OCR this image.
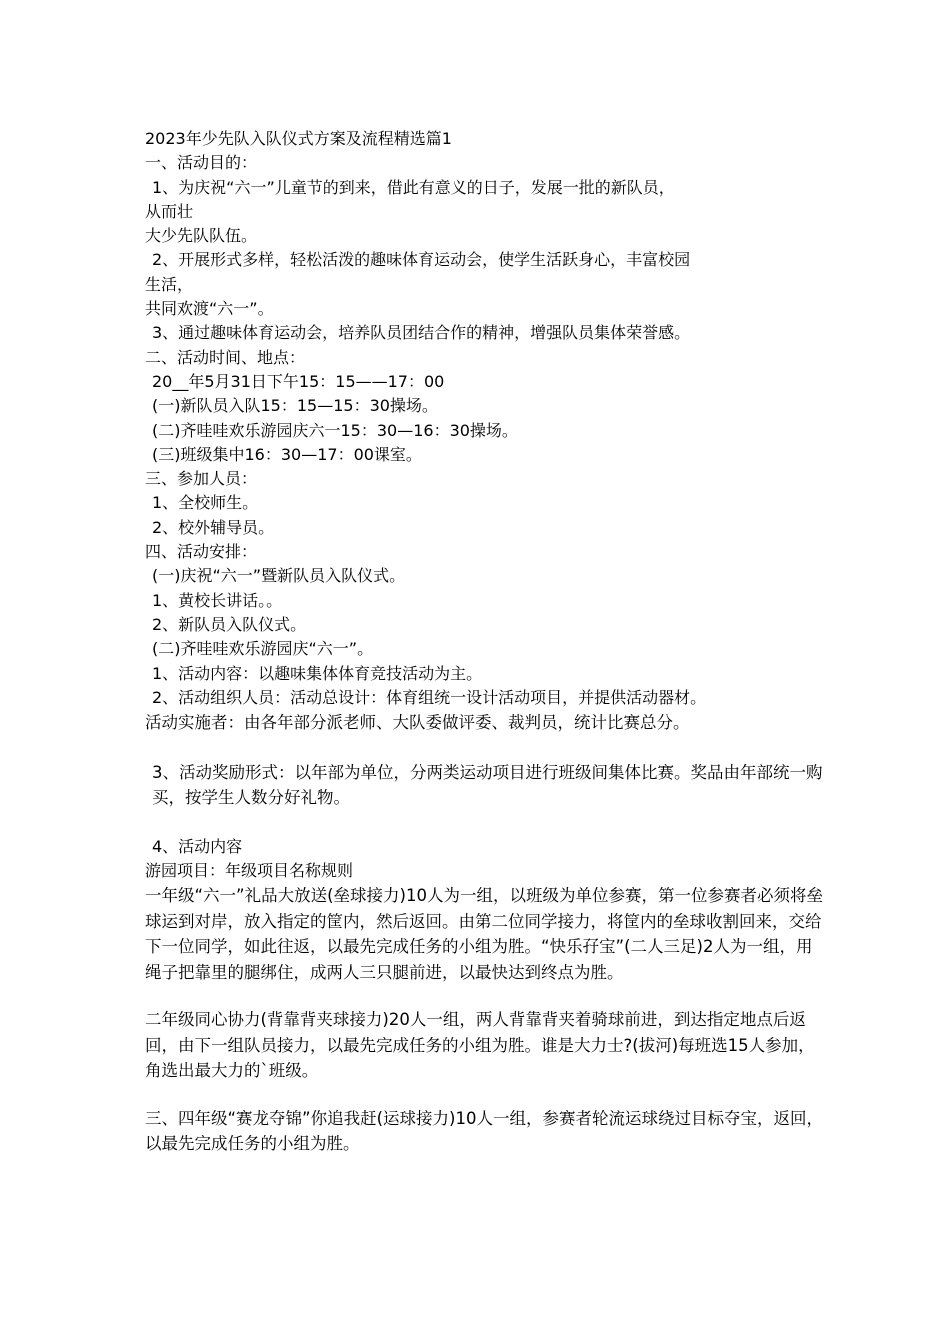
2023年少先队入队仪式方案及流程精选篇1

一、活动目的：

1、为庆祝“六一”儿童节的到来，借此有意义的日子，发展一批的新队员，

从而壮

大少先队队伍。

2、开展形式多样，轻松活泼的趣味体育运动会，使学生活跃身心，丰富校园

生活，

共同欢渡“六一”。

3、通过趣味体育运动会，培养队员团结合作的精神，增强队员集体荣誉感。

二、活动时间、地点：

20__年5月31日下午15：15——17：00

(一)新队员入队15：15—15：30操场。

(二)齐哇哇欢乐游园庆六一15：30—16：30操场。

(三)班级集中16：30—17：00课室。

三、参加人员：

1、全校师生。

2、校外辅导员。

四、活动安排：

(一)庆祝“六一”暨新队员入队仪式。

1、黄校长讲话。。

2、新队员入队仪式。

(二)齐哇哇欢乐游园庆“六一”。

1、活动内容：以趣味集体体育竞技活动为主。

2、活动组织人员：活动总设计：体育组统一设计活动项目，并提供活动器材。

活动实施者：由各年部分派老师、大队委做评委、裁判员，统计比赛总分。

3、活动奖励形式：以年部为单位，分两类运动项目进行班级间集体比赛。奖品由年部统一购买，按学生人数分好礼物。

4、活动内容

游园项目：年级项目名称规则

一年级“六一”礼品大放送(垒球接力)10人为一组，以班级为单位参赛，第一位参赛者必须将垒球运到对岸，放入指定的筐内，然后返回。由第二位同学接力，将筐内的垒球收割回来，交给下一位同学，如此往返，以最先完成任务的小组为胜。“快乐孖宝”(二人三足)2人为一组，用绳子把靠里的腿绑住，成两人三只腿前进，以最快达到终点为胜。

二年级同心协力(背靠背夹球接力)20人一组，两人背靠背夹着骑球前进，到达指定地点后返回，由下一组队员接力，以最先完成任务的小组为胜。谁是大力士?(拔河)每班选15人参加，角选出最大力的`班级。

三、四年级“赛龙夺锦”你追我赶(运球接力)10人一组，参赛者轮流运球绕过目标夺宝，返回，以最先完成任务的小组为胜。
